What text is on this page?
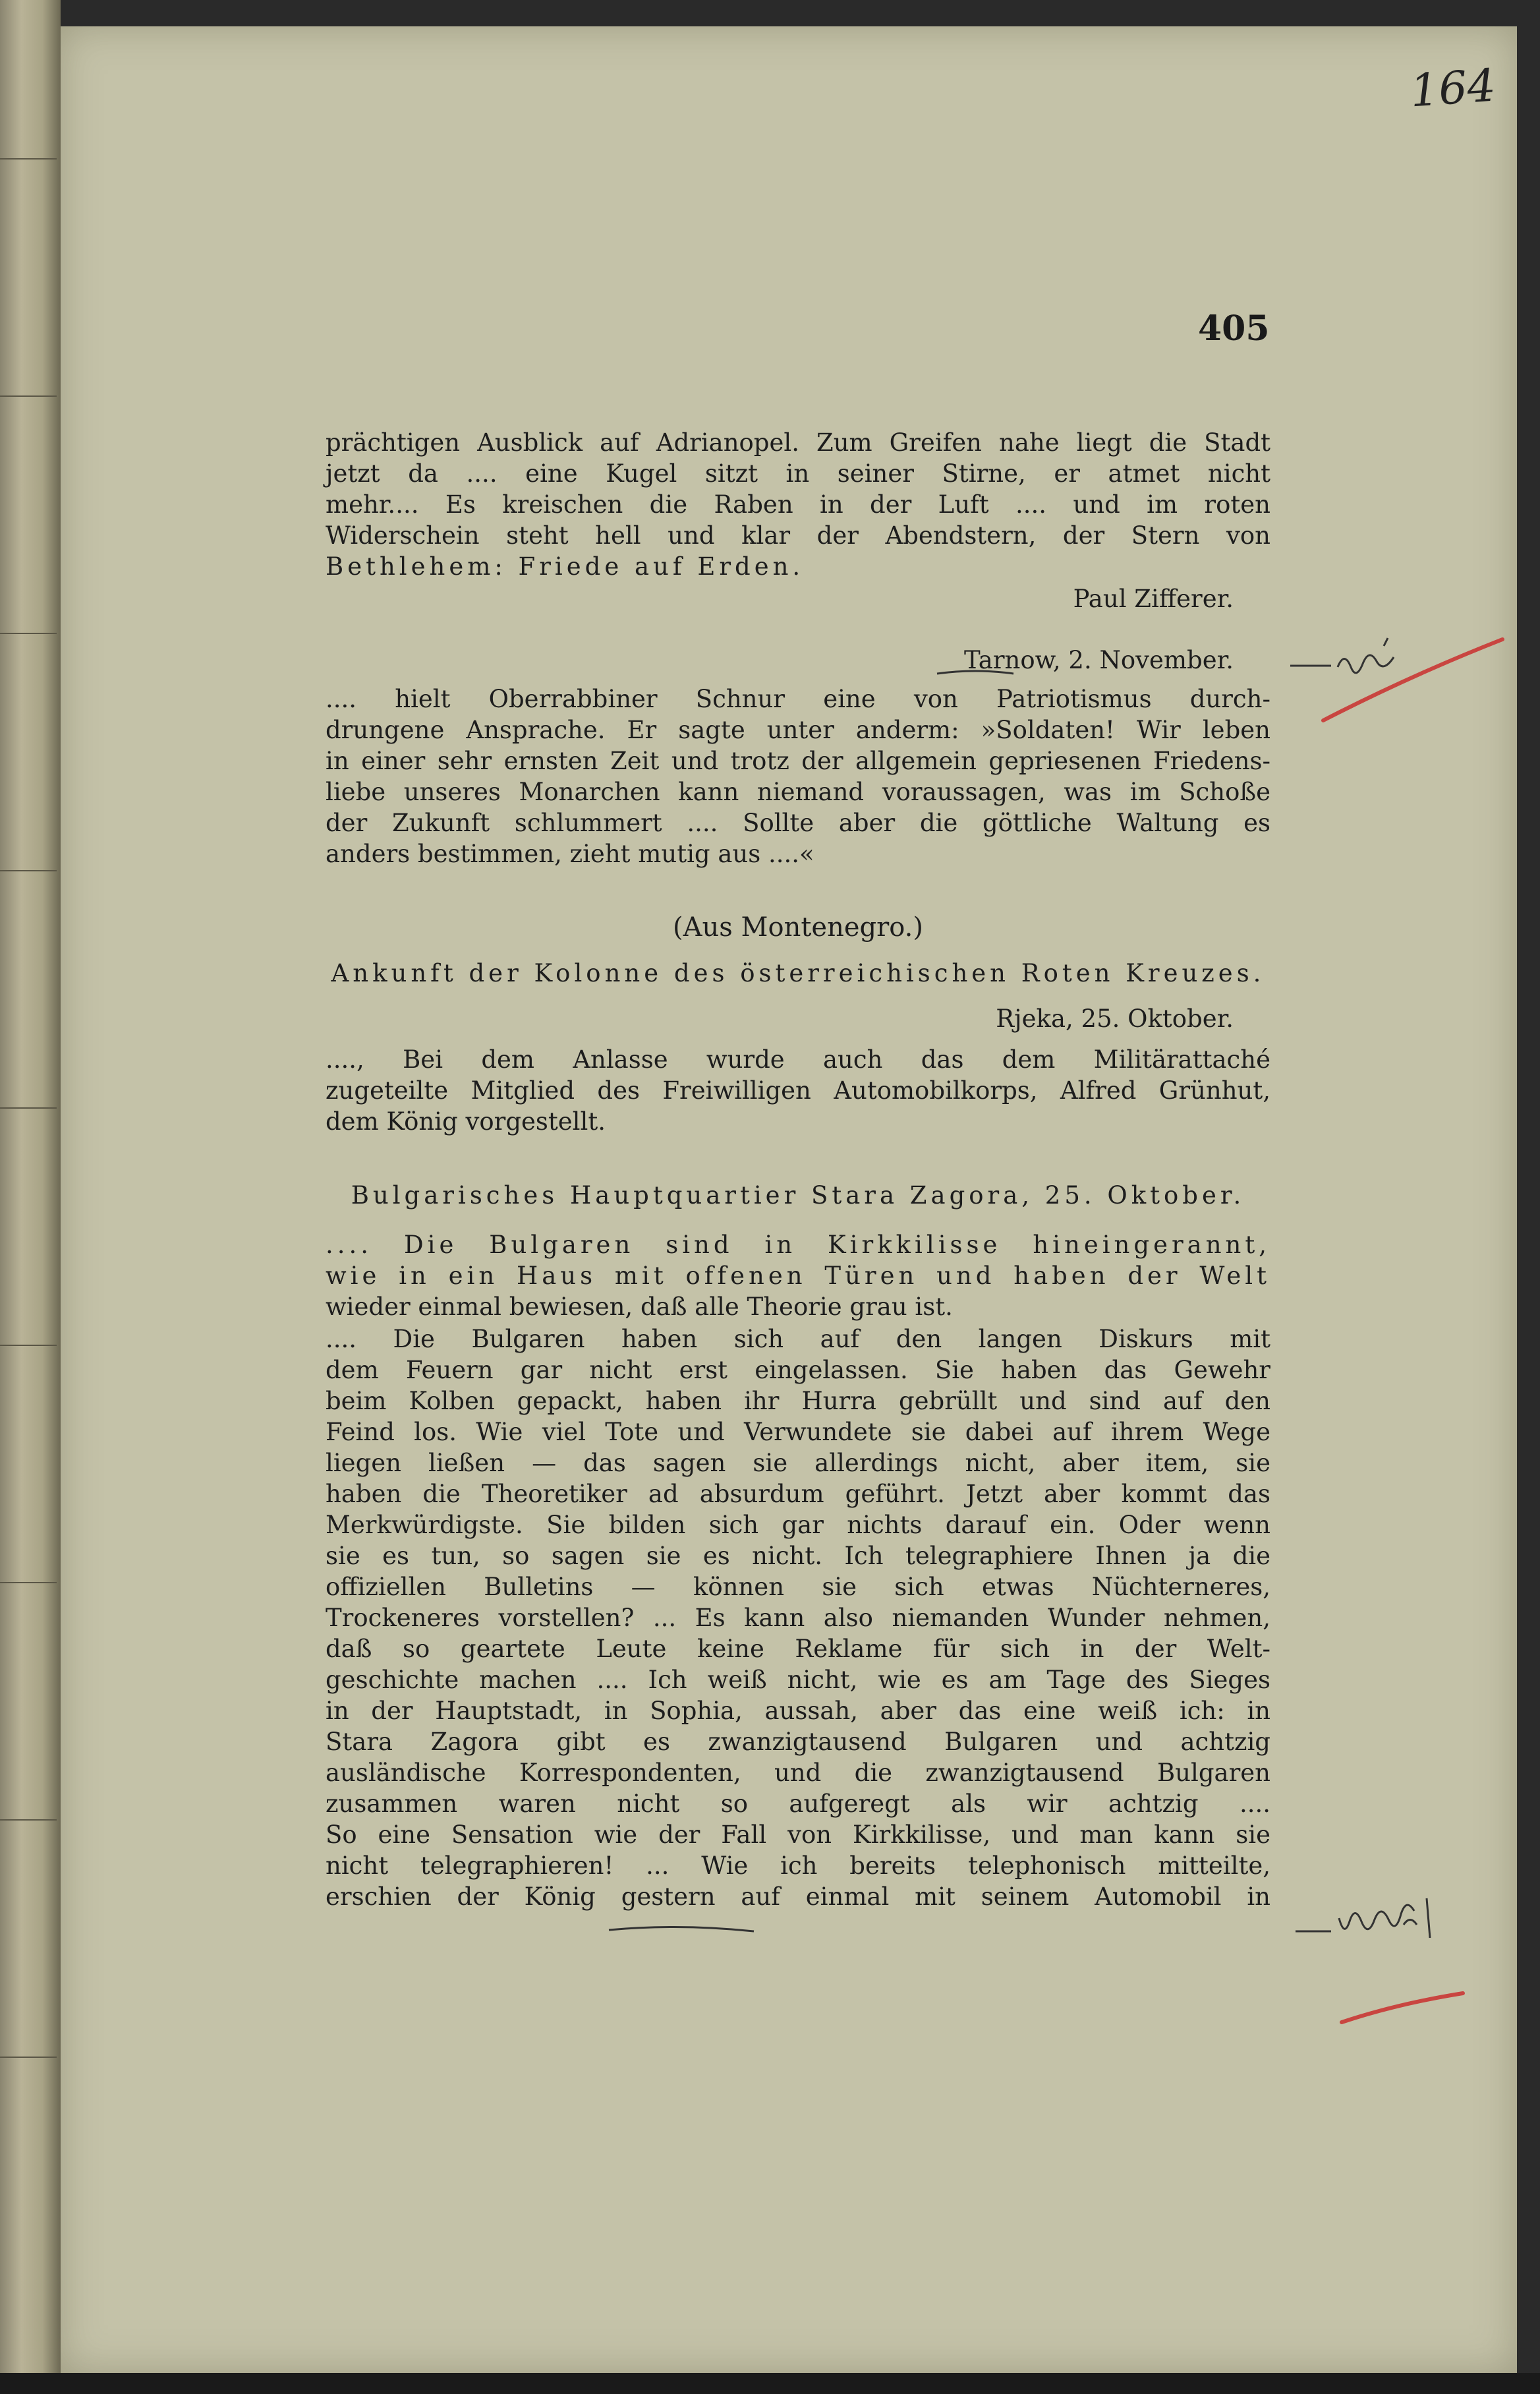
164
405
prächtigen Ausblick auf Adrianopel. Zum Greifen nahe liegt die Stadt
jetzt da .... eine Kugel sitzt in seiner Stirne, er atmet nicht
mehr.... Es kreischen die Raben in der Luft .... und im roten
Widerschein steht hell und klar der Abendstern, der Stern von
Bethlehem: Friede auf Erden.
Paul Zifferer.
Tarnow, 2. November.
.... hielt Oberrabbiner Schnur eine von Patriotismus durch-
drungene Ansprache. Er sagte unter anderm: »Soldaten! Wir leben
in einer sehr ernsten Zeit und trotz der allgemein gepriesenen Friedens-
liebe unseres Monarchen kann niemand voraussagen, was im Schoße
der Zukunft schlummert .... Sollte aber die göttliche Waltung es
anders bestimmen, zieht mutig aus ....«
(Aus Montenegro.)
Ankunft der Kolonne des österreichischen Roten Kreuzes.
Rjeka, 25. Oktober.
...., Bei dem Anlasse wurde auch das dem Militärattaché
zugeteilte Mitglied des Freiwilligen Automobilkorps, Alfred Grünhut,
dem König vorgestellt.
Bulgarisches Hauptquartier Stara Zagora, 25. Oktober.
.... Die Bulgaren sind in Kirkkilisse hineingerannt,
wie in ein Haus mit offenen Türen und haben der Welt
wieder einmal bewiesen, daß alle Theorie grau ist.
.... Die Bulgaren haben sich auf den langen Diskurs mit
dem Feuern gar nicht erst eingelassen. Sie haben das Gewehr
beim Kolben gepackt, haben ihr Hurra gebrüllt und sind auf den
Feind los. Wie viel Tote und Verwundete sie dabei auf ihrem Wege
liegen ließen — das sagen sie allerdings nicht, aber item, sie
haben die Theoretiker ad absurdum geführt. Jetzt aber kommt das
Merkwürdigste. Sie bilden sich gar nichts darauf ein. Oder wenn
sie es tun, so sagen sie es nicht. Ich telegraphiere Ihnen ja die
offiziellen Bulletins — können sie sich etwas Nüchterneres,
Trockeneres vorstellen? ... Es kann also niemanden Wunder nehmen,
daß so geartete Leute keine Reklame für sich in der Welt-
geschichte machen .... Ich weiß nicht, wie es am Tage des Sieges
in der Hauptstadt, in Sophia, aussah, aber das eine weiß ich: in
Stara Zagora gibt es zwanzigtausend Bulgaren und achtzig
ausländische Korrespondenten, und die zwanzigtausend Bulgaren
zusammen waren nicht so aufgeregt als wir achtzig ....
So eine Sensation wie der Fall von Kirkkilisse, und man kann sie
nicht telegraphieren! ... Wie ich bereits telephonisch mitteilte,
erschien der König gestern auf einmal mit seinem Automobil in
